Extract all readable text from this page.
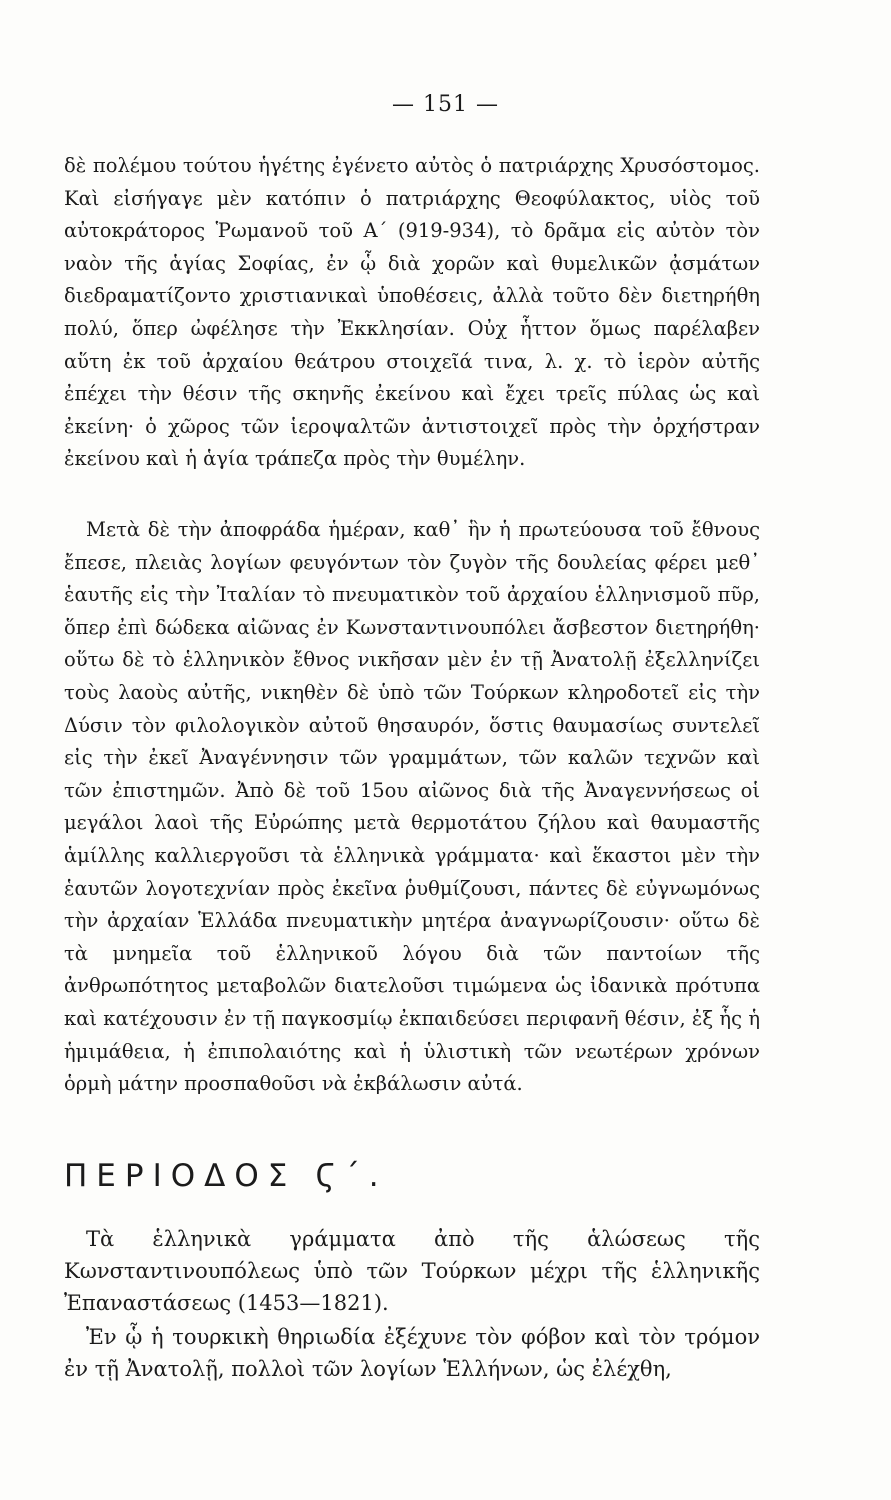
— 151 —

δὲ πολέμου τούτου ἡγέτης ἐγένετο αὐτὸς ὁ πατριάρχης Χρυσόστομος. Καὶ εἰσήγαγε μὲν κατόπιν ὁ πατριάρχης Θεοφύλακτος, υἱὸς τοῦ αὐτοκράτορος Ῥωμανοῦ τοῦ Α΄ (919-934), τὸ δρᾶμα εἰς αὐτὸν τὸν ναὸν τῆς ἁγίας Σοφίας, ἐν ᾧ διὰ χορῶν καὶ θυμελικῶν ᾀσμάτων διεδραματίζοντο χριστιανικαὶ ὑποθέσεις, ἀλλὰ τοῦτο δὲν διετηρήθη πολύ, ὅπερ ὠφέλησε τὴν Ἐκκλησίαν. Οὐχ ἧττον ὅμως παρέλαβεν αὕτη ἐκ τοῦ ἀρχαίου θεάτρου στοιχεῖά τινα, λ. χ. τὸ ἱερὸν αὐτῆς ἐπέχει τὴν θέσιν τῆς σκηνῆς ἐκείνου καὶ ἔχει τρεῖς πύλας ὡς καὶ ἐκείνη· ὁ χῶρος τῶν ἱεροψαλτῶν ἀντιστοιχεῖ πρὸς τὴν ὀρχήστραν ἐκείνου καὶ ἡ ἁγία τράπεζα πρὸς τὴν θυμέλην.

Μετὰ δὲ τὴν ἀποφράδα ἡμέραν, καθ᾿ ἣν ἡ πρωτεύουσα τοῦ ἔθνους ἔπεσε, πλειὰς λογίων φευγόντων τὸν ζυγὸν τῆς δουλείας φέρει μεθ᾿ ἑαυτῆς εἰς τὴν Ἰταλίαν τὸ πνευματικὸν τοῦ ἀρχαίου ἑλληνισμοῦ πῦρ, ὅπερ ἐπὶ δώδεκα αἰῶνας ἐν Κωνσταντινουπόλει ἄσβεστον διετηρήθη· οὕτω δὲ τὸ ἑλληνικὸν ἔθνος νικῆσαν μὲν ἐν τῇ Ἀνατολῇ ἐξελληνίζει τοὺς λαοὺς αὐτῆς, νικηθὲν δὲ ὑπὸ τῶν Τούρκων κληροδοτεῖ εἰς τὴν Δύσιν τὸν φιλολογικὸν αὐτοῦ θησαυρόν, ὅστις θαυμασίως συντελεῖ εἰς τὴν ἐκεῖ Ἀναγέννησιν τῶν γραμμάτων, τῶν καλῶν τεχνῶν καὶ τῶν ἐπιστημῶν. Ἀπὸ δὲ τοῦ 15ου αἰῶνος διὰ τῆς Ἀναγεννήσεως οἱ μεγάλοι λαοὶ τῆς Εὐρώπης μετὰ θερμοτάτου ζήλου καὶ θαυμαστῆς ἁμίλλης καλλιεργοῦσι τὰ ἑλληνικὰ γράμματα· καὶ ἕκαστοι μὲν τὴν ἑαυτῶν λογοτεχνίαν πρὸς ἐκεῖνα ῥυθμίζουσι, πάντες δὲ εὐγνωμόνως τὴν ἀρχαίαν Ἑλλάδα πνευματικὴν μητέρα ἀναγνωρίζουσιν· οὕτω δὲ τὰ μνημεῖα τοῦ ἑλληνικοῦ λόγου διὰ τῶν παντοίων τῆς ἀνθρωπότητος μεταβολῶν διατελοῦσι τιμώμενα ὡς ἰδανικὰ πρότυπα καὶ κατέχουσιν ἐν τῇ παγκοσμίῳ ἐκπαιδεύσει περιφανῆ θέσιν, ἐξ ἧς ἡ ἡμιμάθεια, ἡ ἐπιπολαιότης καὶ ἡ ὑλιστικὴ τῶν νεωτέρων χρόνων ὁρμὴ μάτην προσπαθοῦσι νὰ ἐκβάλωσιν αὐτά.

ΠΕΡΙΟΔΟΣ Ϛ΄.

Τὰ ἑλληνικὰ γράμματα ἀπὸ τῆς ἁλώσεως τῆς Κωνσταντινουπόλεως ὑπὸ τῶν Τούρκων μέχρι τῆς ἑλληνικῆς Ἐπαναστάσεως (1453—1821).

Ἐν ᾧ ἡ τουρκικὴ θηριωδία ἐξέχυνε τὸν φόβον καὶ τὸν τρόμον ἐν τῇ Ἀνατολῇ, πολλοὶ τῶν λογίων Ἑλλήνων, ὡς ἐλέχθη,
